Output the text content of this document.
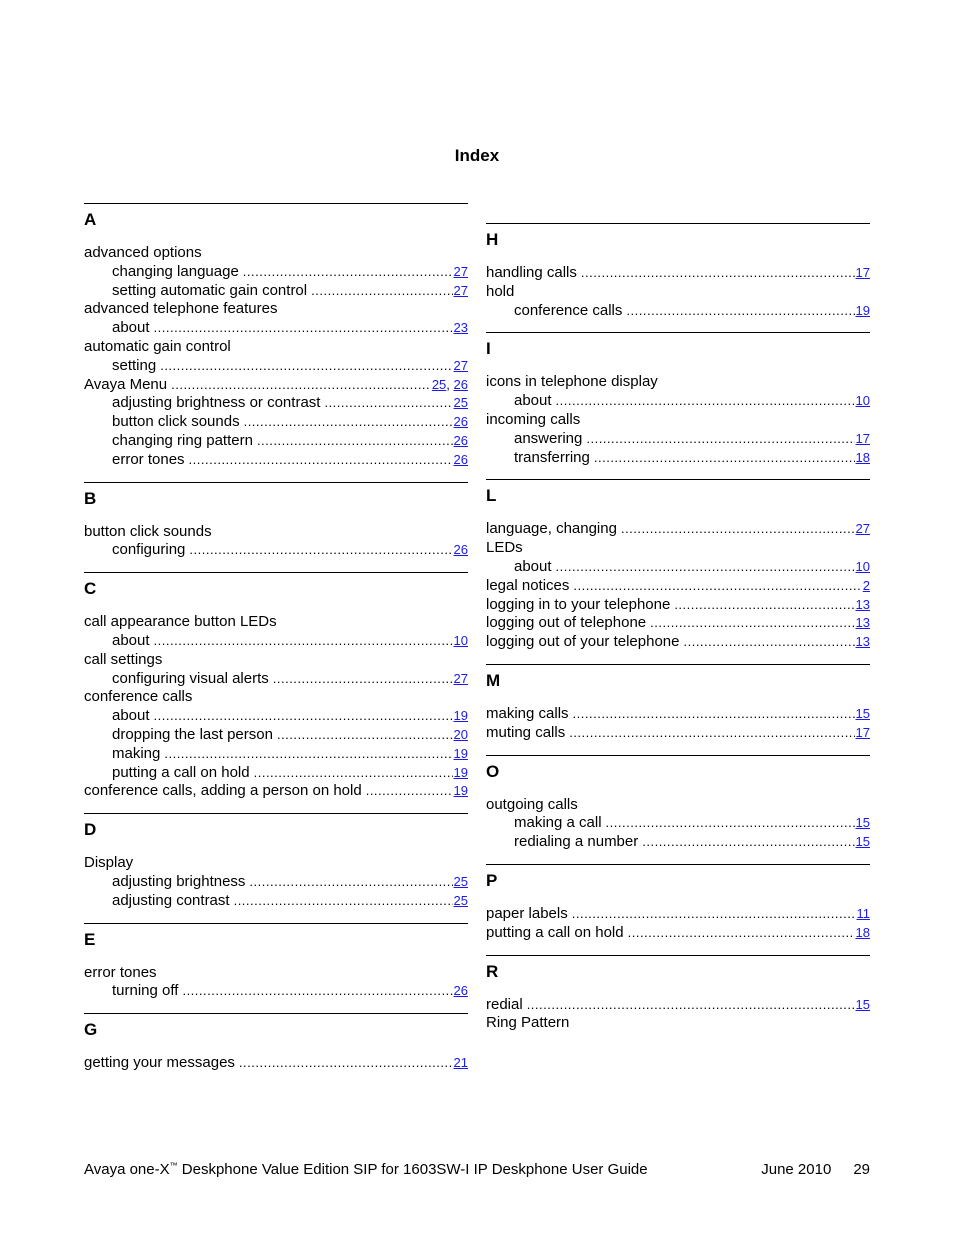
Index
A
advanced options
changing language .....	27
setting automatic gain control .....	27
advanced telephone features
about .....	23
automatic gain control
setting .....	27
Avaya Menu .....	25, 26
adjusting brightness or contrast .....	25
button click sounds .....	26
changing ring pattern .....	26
error tones .....	26
B
button click sounds
configuring .....	26
C
call appearance button LEDs
about .....	10
call settings
configuring visual alerts .....	27
conference calls
about .....	19
dropping the last person .....	20
making .....	19
putting a call on hold .....	19
conference calls, adding a person on hold .....	19
D
Display
adjusting brightness .....	25
adjusting contrast .....	25
E
error tones
turning off .....	26
G
getting your messages .....	21
H
handling calls .....	17
hold
conference calls .....	19
I
icons in telephone display
about .....	10
incoming calls
answering .....	17
transferring .....	18
L
language, changing .....	27
LEDs
about .....	10
legal notices .....	2
logging in to your telephone .....	13
logging out of telephone .....	13
logging out of your telephone .....	13
M
making calls .....	15
muting calls .....	17
O
outgoing calls
making a call .....	15
redialing a number .....	15
P
paper labels .....	11
putting a call on hold .....	18
R
redial .....	15
Ring Pattern
Avaya one-X™ Deskphone Value Edition SIP for 1603SW-I IP Deskphone User Guide	June 2010 29
